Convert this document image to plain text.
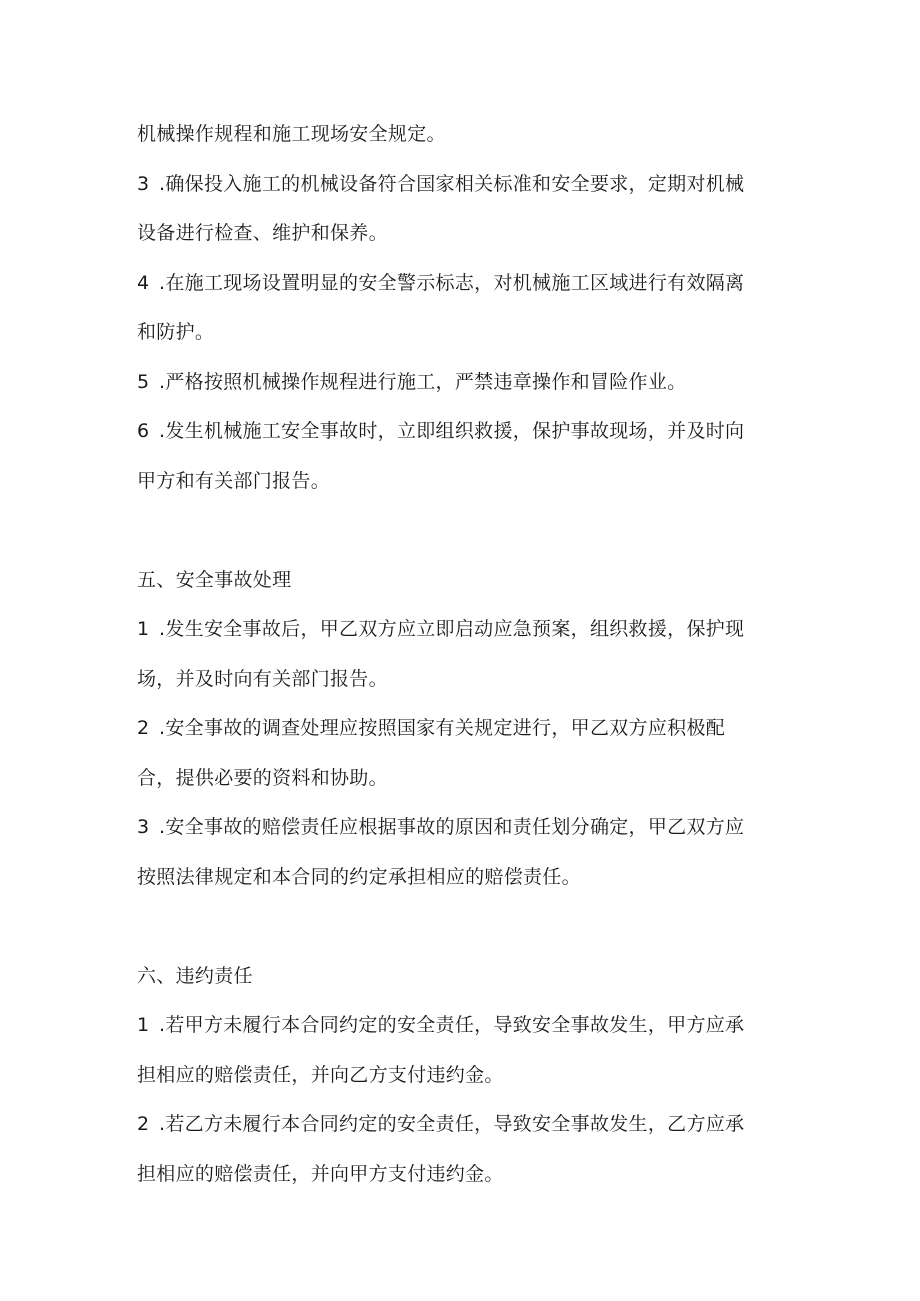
机械操作规程和施工现场安全规定。
3 .确保投入施工的机械设备符合国家相关标准和安全要求，定期对机械
设备进行检查、维护和保养。
4 .在施工现场设置明显的安全警示标志，对机械施工区域进行有效隔离
和防护。
5 .严格按照机械操作规程进行施工，严禁违章操作和冒险作业。
6 .发生机械施工安全事故时，立即组织救援，保护事故现场，并及时向
甲方和有关部门报告。
五、安全事故处理
1 .发生安全事故后，甲乙双方应立即启动应急预案，组织救援，保护现
场，并及时向有关部门报告。
2 .安全事故的调查处理应按照国家有关规定进行，甲乙双方应积极配
合，提供必要的资料和协助。
3 .安全事故的赔偿责任应根据事故的原因和责任划分确定，甲乙双方应
按照法律规定和本合同的约定承担相应的赔偿责任。
六、违约责任
1 .若甲方未履行本合同约定的安全责任，导致安全事故发生，甲方应承
担相应的赔偿责任，并向乙方支付违约金。
2 .若乙方未履行本合同约定的安全责任，导致安全事故发生，乙方应承
担相应的赔偿责任，并向甲方支付违约金。
